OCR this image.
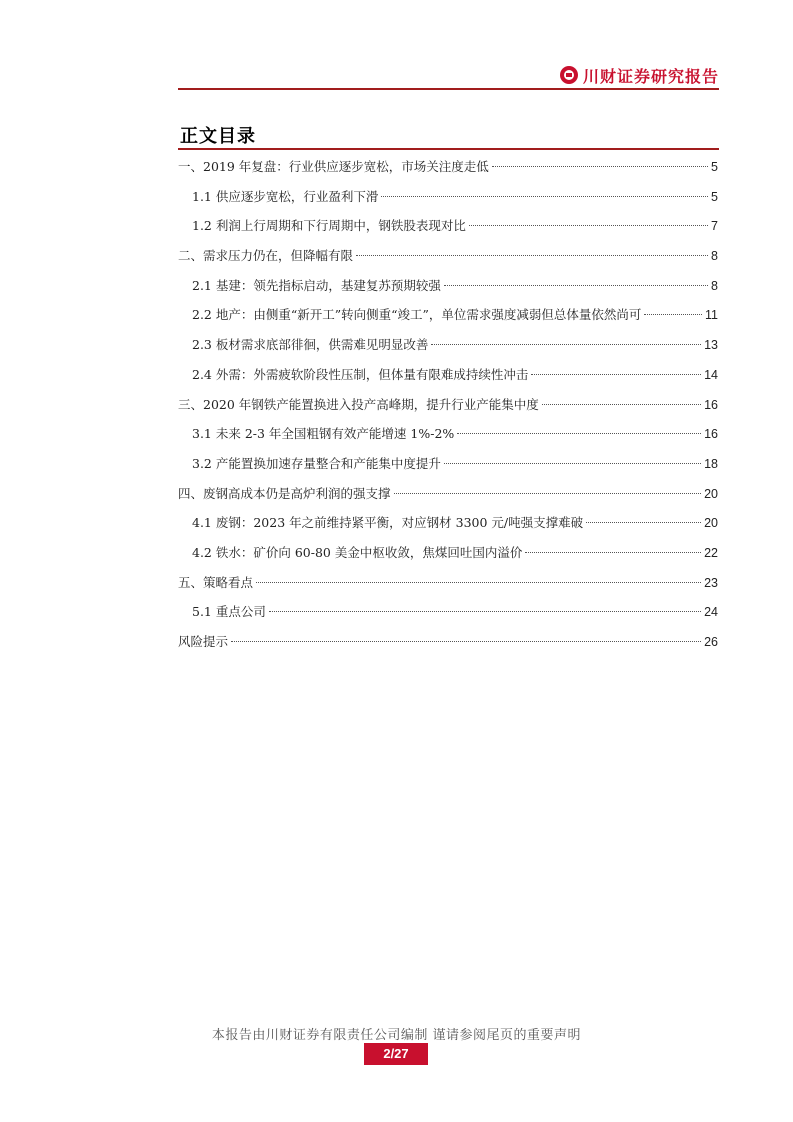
川财证券研究报告
正文目录
一、2019 年复盘：行业供应逐步宽松，市场关注度走低	5
1.1 供应逐步宽松，行业盈利下滑	5
1.2 利润上行周期和下行周期中，钢铁股表现对比	7
二、需求压力仍在，但降幅有限	8
2.1 基建：领先指标启动，基建复苏预期较强	8
2.2 地产：由侧重“新开工”转向侧重“竣工”，单位需求强度减弱但总体量依然尚可	11
2.3 板材需求底部徘徊，供需难见明显改善	13
2.4 外需：外需疲软阶段性压制，但体量有限难成持续性冲击	14
三、2020 年钢铁产能置换进入投产高峰期，提升行业产能集中度	16
3.1 未来 2-3 年全国粗钢有效产能增速 1%-2%	16
3.2 产能置换加速存量整合和产能集中度提升	18
四、废钢高成本仍是高炉利润的强支撑	20
4.1 废钢：2023 年之前维持紧平衡，对应钢材 3300 元/吨强支撑难破	20
4.2 铁水：矿价向 60-80 美金中枢收敛，焦煤回吐国内溢价	22
五、策略看点	23
5.1 重点公司	24
风险提示	26
本报告由川财证券有限责任公司编制 谨请参阅尾页的重要声明
2/27
